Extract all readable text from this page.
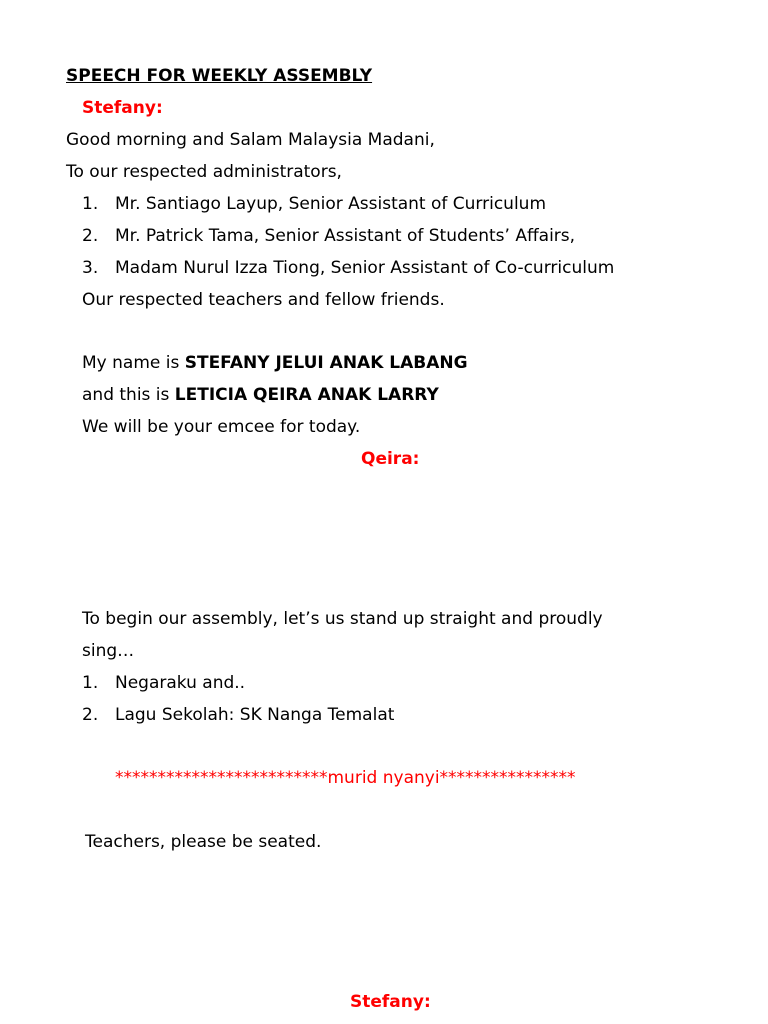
SPEECH FOR WEEKLY ASSEMBLY
Stefany:
Good morning and Salam Malaysia Madani,
To our respected administrators,
1. Mr. Santiago Layup, Senior Assistant of Curriculum
2. Mr. Patrick Tama, Senior Assistant of Students’ Affairs,
3. Madam Nurul Izza Tiong, Senior Assistant of Co-curriculum
Our respected teachers and fellow friends.
My name is STEFANY JELUI ANAK LABANG
and this is LETICIA QEIRA ANAK LARRY
We will be your emcee for today.
Qeira:
To begin our assembly, let’s us stand up straight and proudly
sing…
1. Negaraku and..
2. Lagu Sekolah: SK Nanga Temalat
*************************murid nyanyi****************
Teachers, please be seated.
Stefany:
